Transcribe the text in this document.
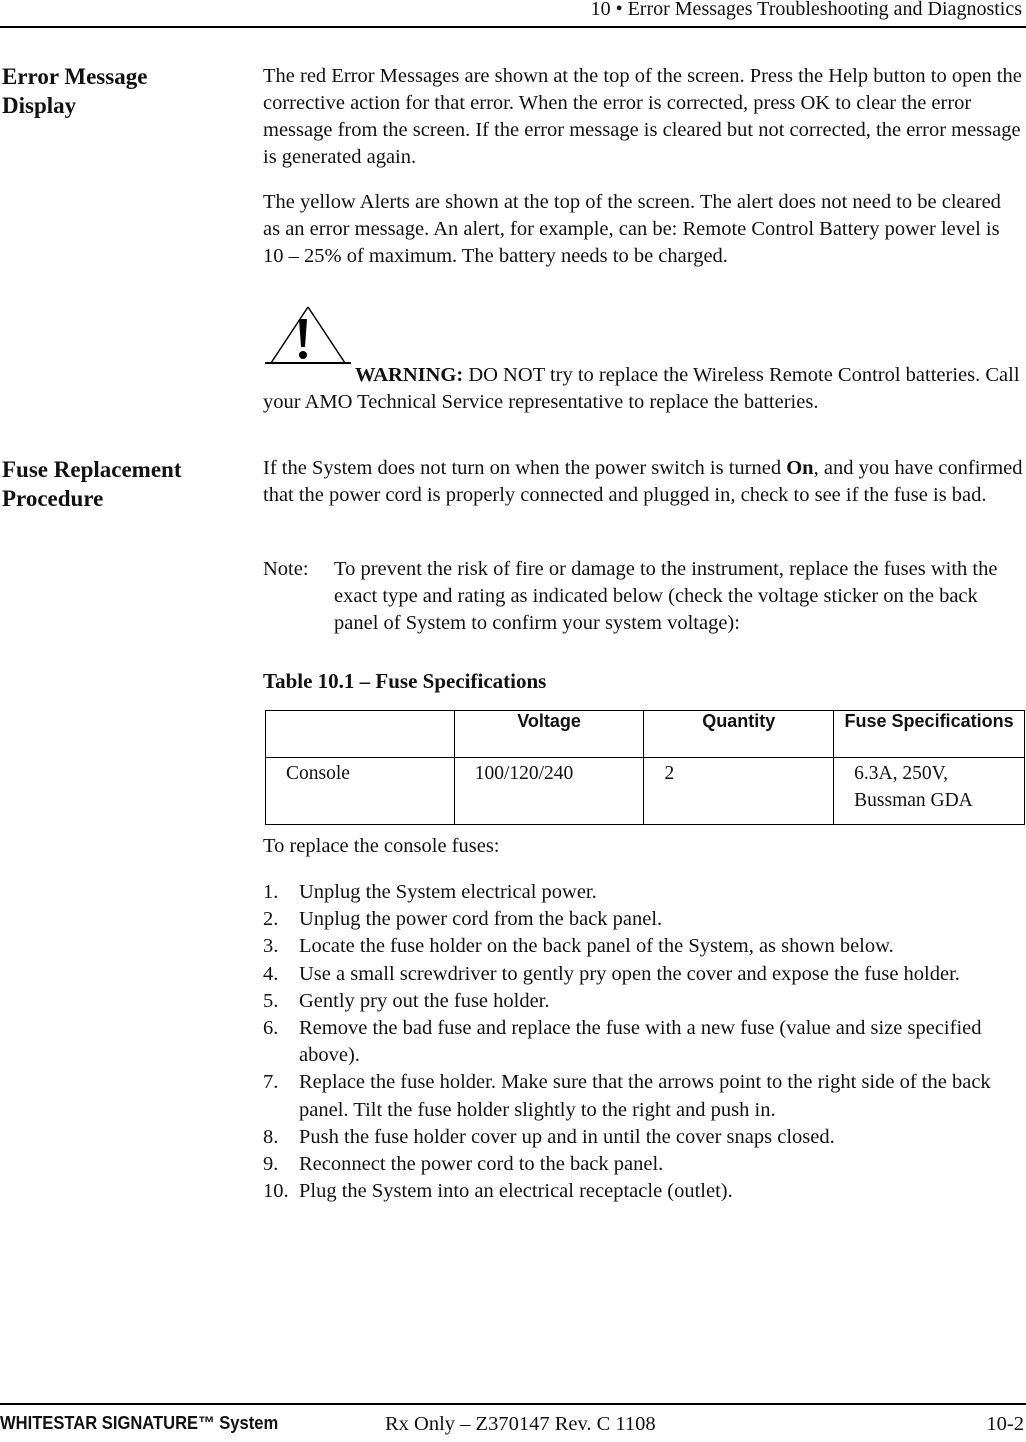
10 • Error Messages Troubleshooting and Diagnostics
Error Message
Display

The red Error Messages are shown at the top of the screen. Press the Help button to open the corrective action for that error. When the error is corrected, press OK to clear the error message from the screen. If the error message is cleared but not corrected, the error message is generated again.

The yellow Alerts are shown at the top of the screen. The alert does not need to be cleared as an error message. An alert, for example, can be: Remote Control Battery power level is 10 – 25% of maximum. The battery needs to be charged.

WARNING: DO NOT try to replace the Wireless Remote Control batteries. Call your AMO Technical Service representative to replace the batteries.
Fuse Replacement
Procedure

If the System does not turn on when the power switch is turned On, and you have confirmed that the power cord is properly connected and plugged in, check to see if the fuse is bad.

Note: To prevent the risk of fire or damage to the instrument, replace the fuses with the exact type and rating as indicated below (check the voltage sticker on the back panel of System to confirm your system voltage):
Table 10.1 – Fuse Specifications
	Voltage	Quantity	Fuse Specifications
Console	100/120/240	2	6.3A, 250V, Bussman GDA
To replace the console fuses:
1. Unplug the System electrical power.
2. Unplug the power cord from the back panel.
3. Locate the fuse holder on the back panel of the System, as shown below.
4. Use a small screwdriver to gently pry open the cover and expose the fuse holder.
5. Gently pry out the fuse holder.
6. Remove the bad fuse and replace the fuse with a new fuse (value and size specified above).
7. Replace the fuse holder. Make sure that the arrows point to the right side of the back panel. Tilt the fuse holder slightly to the right and push in.
8. Push the fuse holder cover up and in until the cover snaps closed.
9. Reconnect the power cord to the back panel.
10. Plug the System into an electrical receptacle (outlet).
WHITESTAR SIGNATURE™ System	Rx Only – Z370147 Rev. C 1108	10-2
